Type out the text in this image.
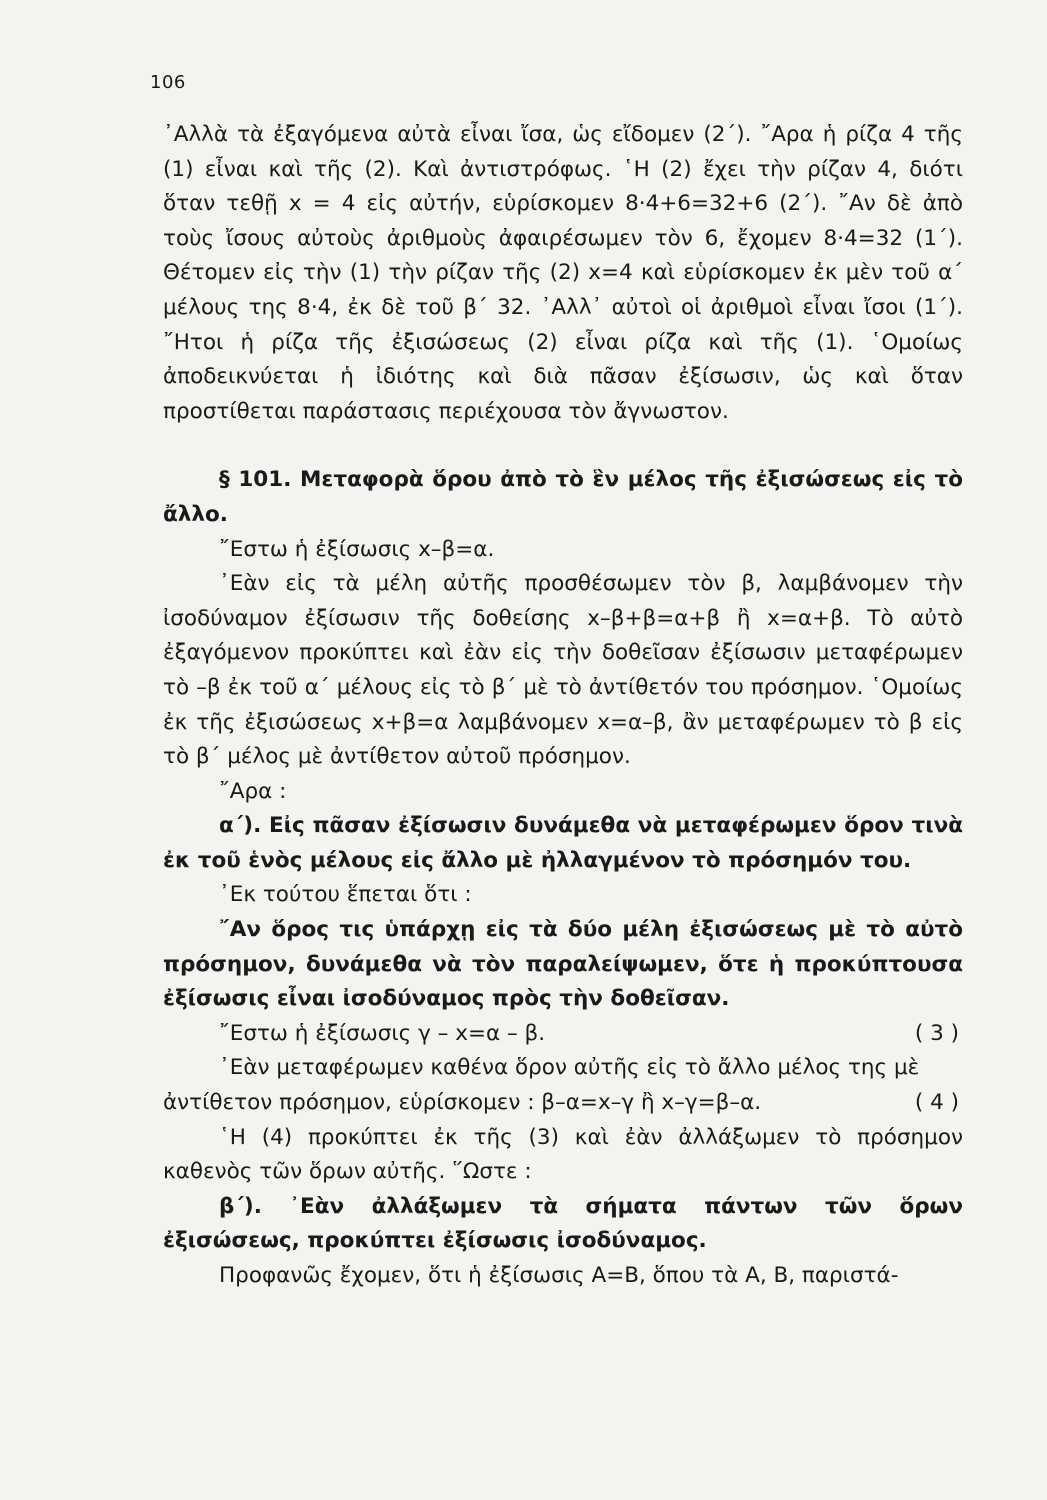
106

᾿Αλλὰ τὰ ἐξαγόμενα αὐτὰ εἶναι ἴσα, ὡς εἴδομεν (2΄). ῎Αρα ἡ ρίζα 4 τῆς (1) εἶναι καὶ τῆς (2). Καὶ ἀντιστρόφως. ῾Η (2) ἔχει τὴν ρίζαν 4, διότι ὅταν τεθῇ x = 4 εἰς αὐτήν, εὑρίσκομεν 8·4+6=32+6 (2΄). ῎Αν δὲ ἀπὸ τοὺς ἴσους αὐτοὺς ἀριθμοὺς ἀφαιρέσωμεν τὸν 6, ἔχομεν 8·4=32 (1΄). Θέτομεν εἰς τὴν (1) τὴν ρίζαν τῆς (2) x=4 καὶ εὑρίσκομεν ἐκ μὲν τοῦ α΄ μέλους της 8·4, ἐκ δὲ τοῦ β΄ 32. ᾿Αλλ᾿ αὐτοὶ οἱ ἀριθμοὶ εἶναι ἴσοι (1΄). ῎Ητοι ἡ ρίζα τῆς ἐξισώσεως (2) εἶναι ρίζα καὶ τῆς (1). ῾Ομοίως ἀποδεικνύεται ἡ ἰδιότης καὶ διὰ πᾶσαν ἐξίσωσιν, ὡς καὶ ὅταν προστίθεται παράστασις περιέχουσα τὸν ἄγνωστον.

§ 101. Μεταφορὰ ὅρου ἀπὸ τὸ ἓν μέλος τῆς ἐξισώσεως εἰς τὸ ἄλλο.

῎Εστω ἡ ἐξίσωσις x–β=α.

᾿Εὰν εἰς τὰ μέλη αὐτῆς προσθέσωμεν τὸν β, λαμβάνομεν τὴν ἰσοδύναμον ἐξίσωσιν τῆς δοθείσης x–β+β=α+β ἢ x=α+β. Τὸ αὐτὸ ἐξαγόμενον προκύπτει καὶ ἐὰν εἰς τὴν δοθεῖσαν ἐξίσωσιν μεταφέρωμεν τὸ –β ἐκ τοῦ α΄ μέλους εἰς τὸ β΄ μὲ τὸ ἀντίθετόν του πρόσημον. ῾Ομοίως ἐκ τῆς ἐξισώσεως x+β=α λαμβάνομεν x=α–β, ἂν μεταφέρωμεν τὸ β εἰς τὸ β΄ μέλος μὲ ἀντίθετον αὐτοῦ πρόσημον.

῎Αρα :

α΄). Εἰς πᾶσαν ἐξίσωσιν δυνάμεθα νὰ μεταφέρωμεν ὅρον τινὰ ἐκ τοῦ ἑνὸς μέλους εἰς ἄλλο μὲ ἠλλαγμένον τὸ πρόσημόν του.

᾿Εκ τούτου ἕπεται ὅτι :

῎Αν ὅρος τις ὑπάρχῃ εἰς τὰ δύο μέλη ἐξισώσεως μὲ τὸ αὐτὸ πρόσημον, δυνάμεθα νὰ τὸν παραλείψωμεν, ὅτε ἡ προκύπτουσα ἐξίσωσις εἶναι ἰσοδύναμος πρὸς τὴν δοθεῖσαν.

῎Εστω ἡ ἐξίσωσις γ – x=α – β.	( 3 )

᾿Εὰν μεταφέρωμεν καθένα ὅρον αὐτῆς εἰς τὸ ἄλλο μέλος της μὲ

ἀντίθετον πρόσημον, εὑρίσκομεν : β–α=x–γ ἢ x–γ=β–α.	( 4 )

῾Η (4) προκύπτει ἐκ τῆς (3) καὶ ἐὰν ἀλλάξωμεν τὸ πρόσημον καθενὸς τῶν ὅρων αὐτῆς. ῞Ωστε :

β΄). ᾿Εὰν ἀλλάξωμεν τὰ σήματα πάντων τῶν ὅρων ἐξισώσεως, προκύπτει ἐξίσωσις ἰσοδύναμος.

Προφανῶς ἔχομεν, ὅτι ἡ ἐξίσωσις A=B, ὅπου τὰ A, B, παριστά-
